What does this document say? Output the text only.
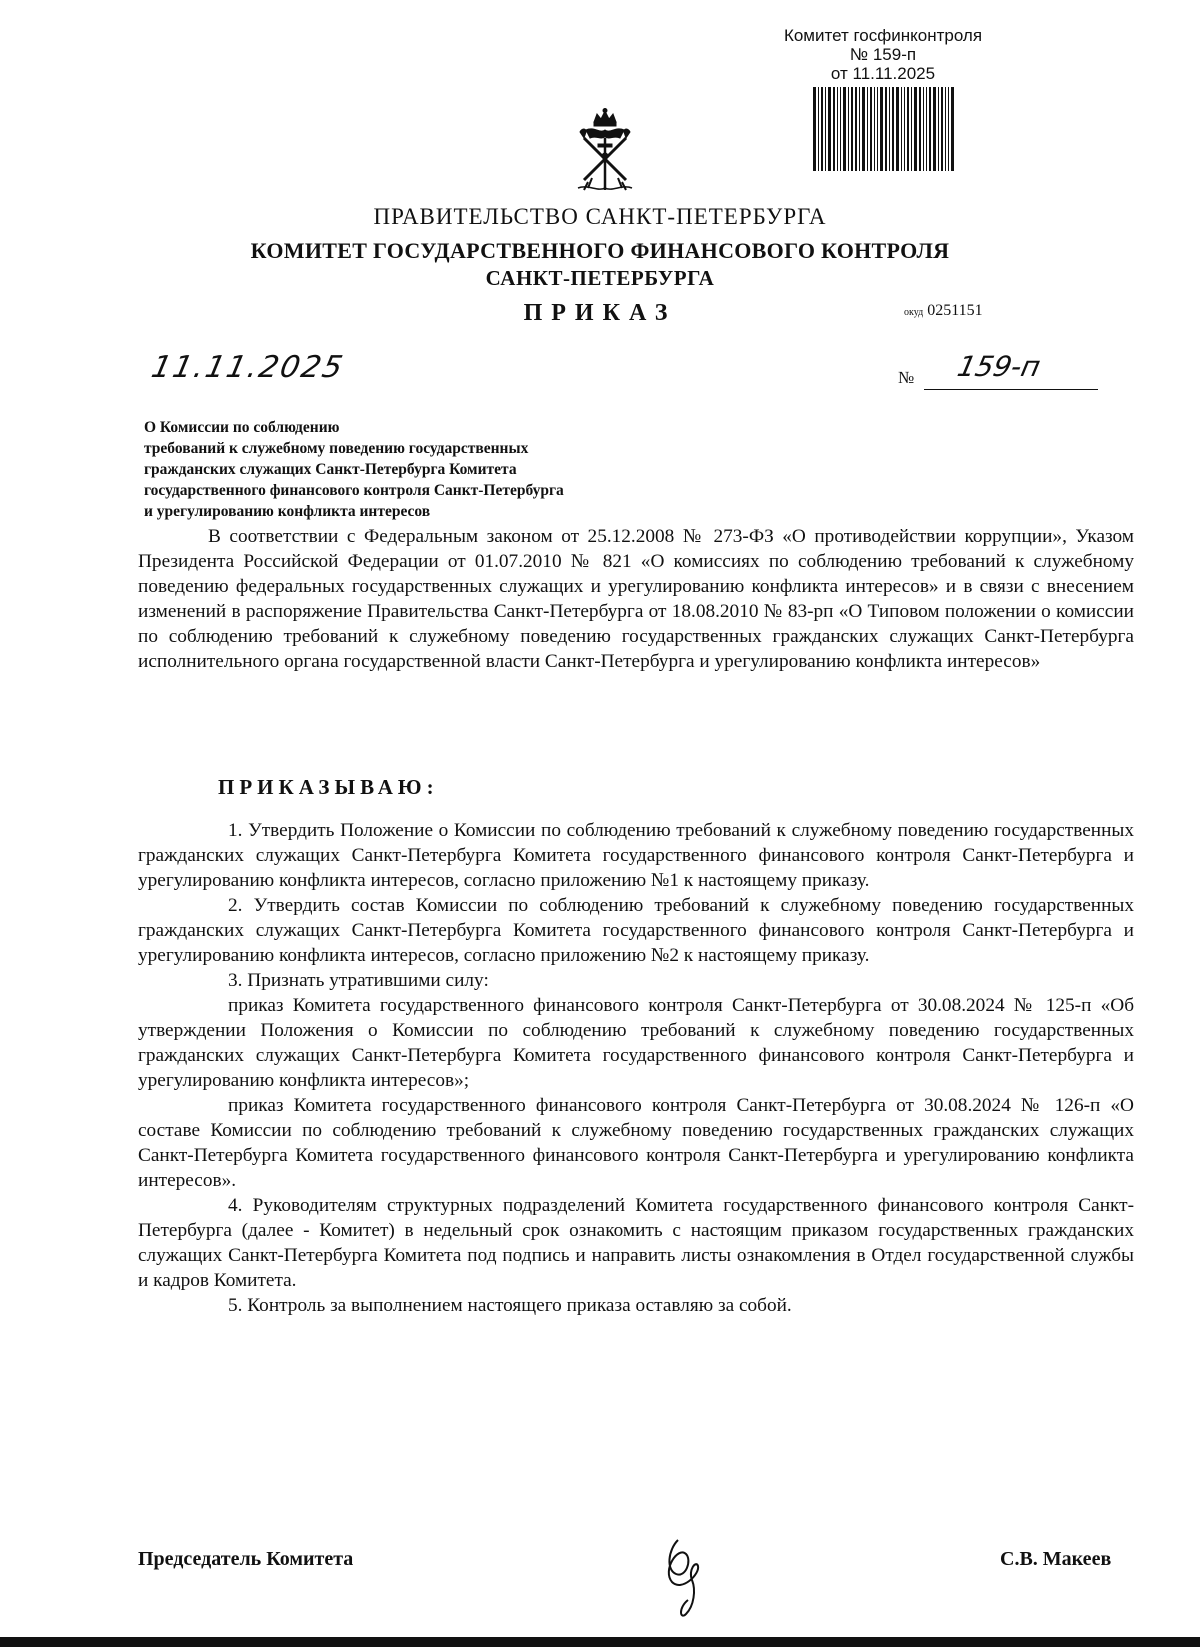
Комитет госфинконтроля
№ 159-п
от 11.11.2025
ПРАВИТЕЛЬСТВО САНКТ-ПЕТЕРБУРГА
КОМИТЕТ ГОСУДАРСТВЕННОГО ФИНАНСОВОГО КОНТРОЛЯ
САНКТ-ПЕТЕРБУРГА
ПРИКАЗ	окуд 0251151
11.11.2025	№ 159-п
О Комиссии по соблюдению
требований к служебному поведению государственных
гражданских служащих Санкт-Петербурга Комитета
государственного финансового контроля Санкт-Петербурга
и урегулированию конфликта интересов

В соответствии с Федеральным законом от 25.12.2008 № 273-ФЗ «О противодействии коррупции», Указом Президента Российской Федерации от 01.07.2010 № 821 «О комиссиях по соблюдению требований к служебному поведению федеральных государственных служащих и урегулированию конфликта интересов» и в связи с внесением изменений в распоряжение Правительства Санкт-Петербурга от 18.08.2010 № 83-рп «О Типовом положении о комиссии по соблюдению требований к служебному поведению государственных гражданских служащих Санкт-Петербурга исполнительного органа государственной власти Санкт-Петербурга и урегулированию конфликта интересов»

ПРИКАЗЫВАЮ:

1. Утвердить Положение о Комиссии по соблюдению требований к служебному поведению государственных гражданских служащих Санкт-Петербурга Комитета государственного финансового контроля Санкт-Петербурга и урегулированию конфликта интересов, согласно приложению №1 к настоящему приказу.

2. Утвердить состав Комиссии по соблюдению требований к служебному поведению государственных гражданских служащих Санкт-Петербурга Комитета государственного финансового контроля Санкт-Петербурга и урегулированию конфликта интересов, согласно приложению №2 к настоящему приказу.

3. Признать утратившими силу:

приказ Комитета государственного финансового контроля Санкт-Петербурга от 30.08.2024 № 125-п «Об утверждении Положения о Комиссии по соблюдению требований к служебному поведению государственных гражданских служащих Санкт-Петербурга Комитета государственного финансового контроля Санкт-Петербурга и урегулированию конфликта интересов»;

приказ Комитета государственного финансового контроля Санкт-Петербурга от 30.08.2024 № 126-п «О составе Комиссии по соблюдению требований к служебному поведению государственных гражданских служащих Санкт-Петербурга Комитета государственного финансового контроля Санкт-Петербурга и урегулированию конфликта интересов».

4. Руководителям структурных подразделений Комитета государственного финансового контроля Санкт-Петербурга (далее - Комитет) в недельный срок ознакомить с настоящим приказом государственных гражданских служащих Санкт-Петербурга Комитета под подпись и направить листы ознакомления в Отдел государственной службы и кадров Комитета.

5. Контроль за выполнением настоящего приказа оставляю за собой.

Председатель Комитета	С.В. Макеев
